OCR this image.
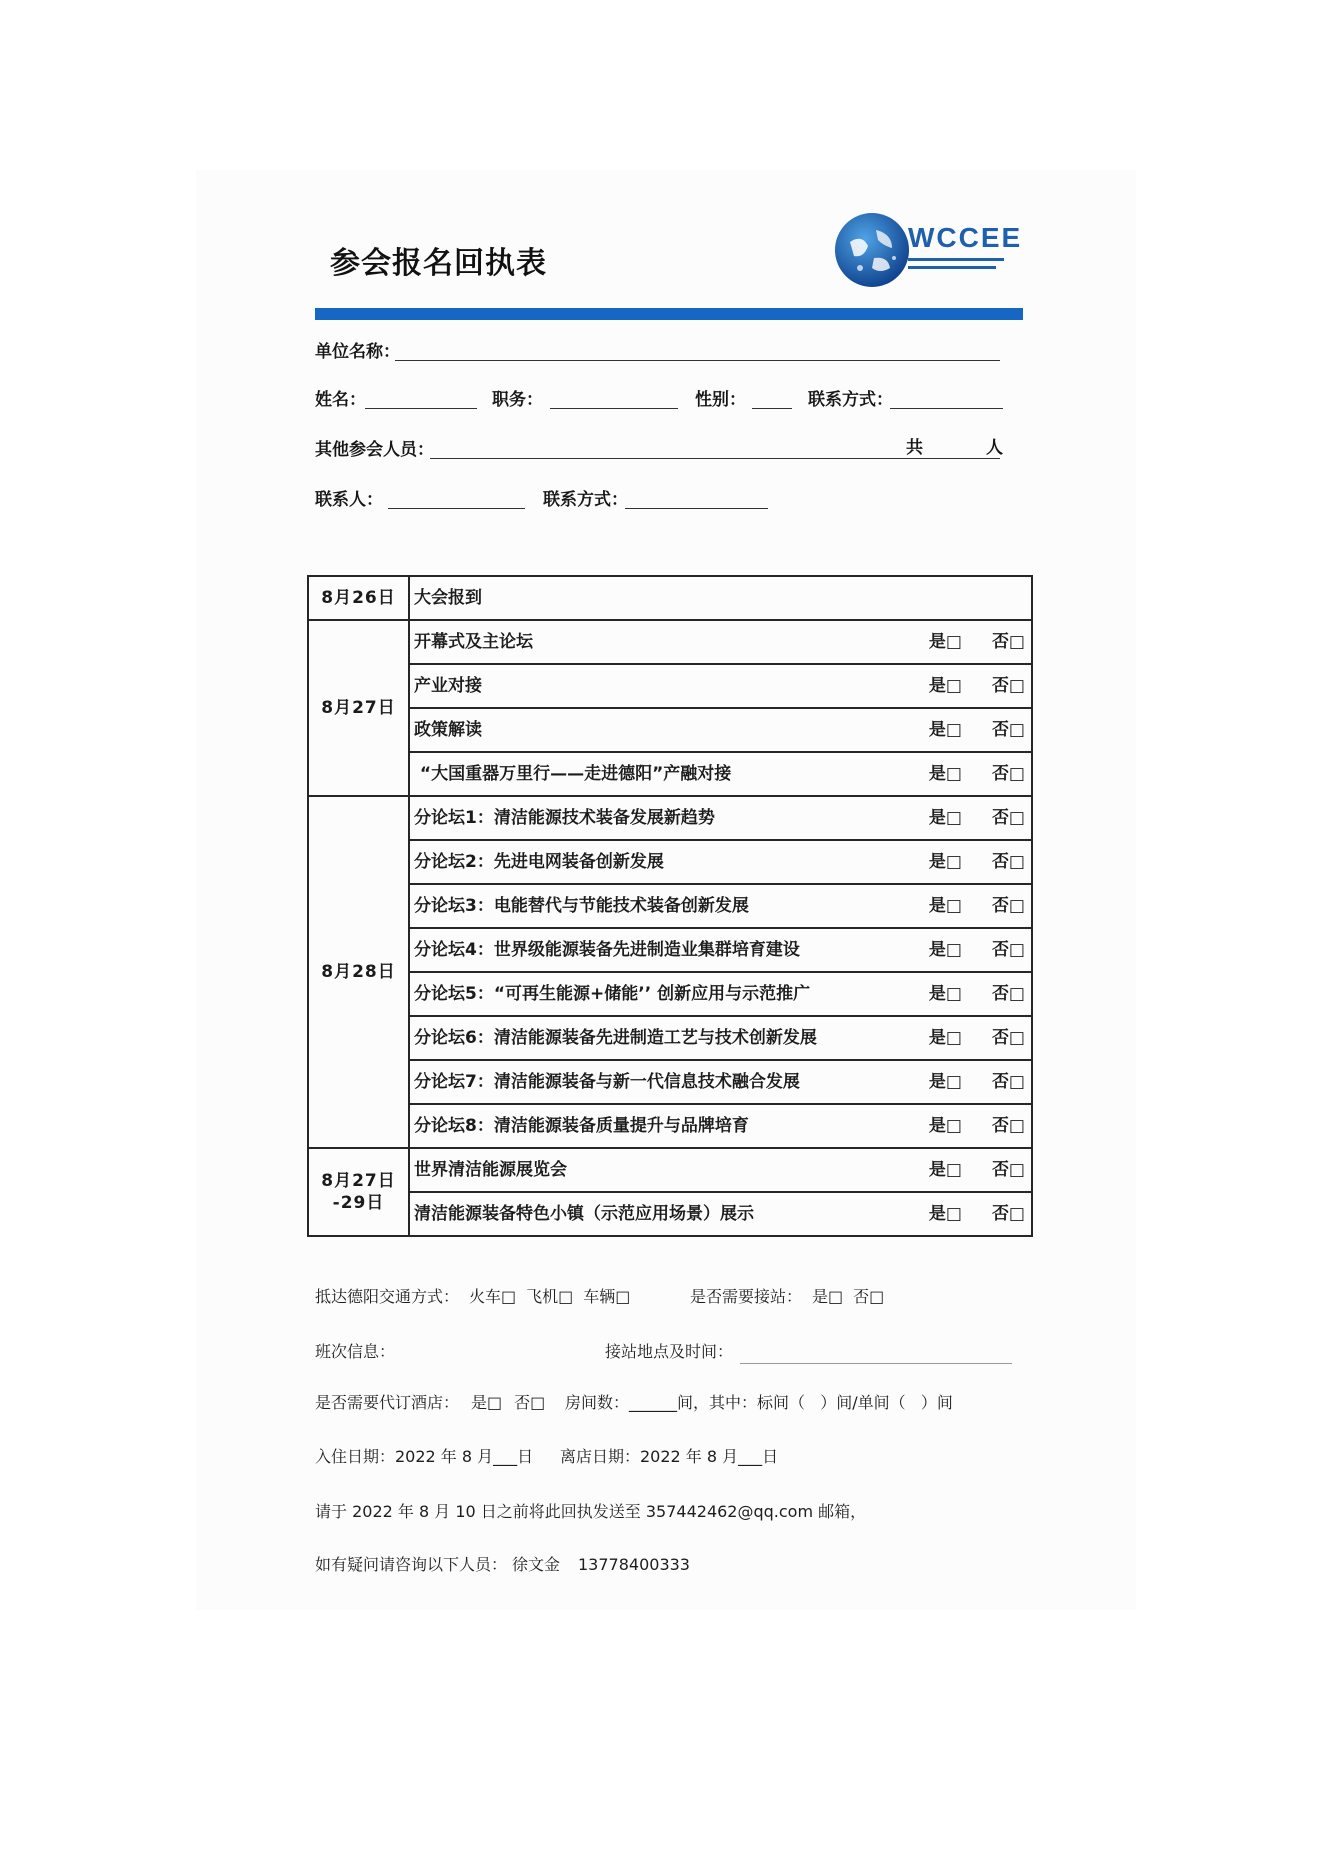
参会报名回执表
WCCEE
单位名称：
姓名：	职务：	性别：	联系方式：
其他参会人员：	共	人
联系人：	联系方式：
8月26日	大会报到

8月27日	开幕式及主论坛 是□ 否□

	产业对接 是□ 否□

	政策解读 是□ 否□

	“大国重器万里行——走进德阳”产融对接 是□ 否□

8月28日	分论坛1：清洁能源技术装备发展新趋势 是□ 否□

	分论坛2：先进电网装备创新发展 是□ 否□

	分论坛3：电能替代与节能技术装备创新发展 是□ 否□

	分论坛4：世界级能源装备先进制造业集群培育建设 是□ 否□

	分论坛5：“可再生能源+储能’’ 创新应用与示范推广 是□ 否□

	分论坛6：清洁能源装备先进制造工艺与技术创新发展 是□ 否□

	分论坛7：清洁能源装备与新一代信息技术融合发展 是□ 否□

	分论坛8：清洁能源装备质量提升与品牌培育 是□ 否□

8月27日
-29日	世界清洁能源展览会 是□ 否□

	清洁能源装备特色小镇（示范应用场景）展示 是□ 否□
抵达德阳交通方式： 火车□ 飞机□ 车辆□	是否需要接站： 是□ 否□
班次信息：	接站地点及时间：
是否需要代订酒店： 是□ 否□ 房间数：______间，其中：标间（   ）间/单间（   ）间
入住日期：2022 年 8 月___日 离店日期：2022 年 8 月___日
请于 2022 年 8 月 10 日之前将此回执发送至 357442462@qq.com 邮箱，
如有疑问请咨询以下人员： 徐文金 13778400333
